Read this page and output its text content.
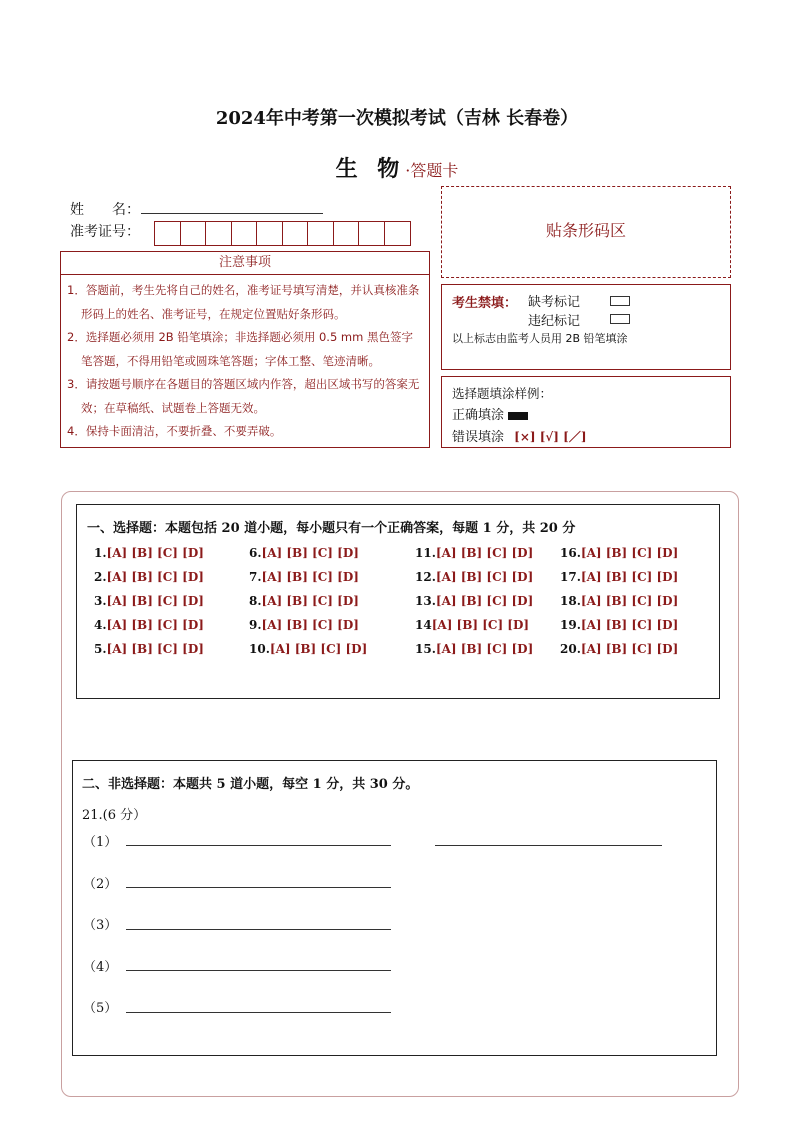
2024年中考第一次模拟考试（吉林 长春卷）
生 物·答题卡
姓　　名：
准考证号：
注意事项
1．答题前，考生先将自己的姓名，准考证号填写清楚，并认真核准条形码上的姓名、准考证号，在规定位置贴好条形码。
2．选择题必须用 2B 铅笔填涂；非选择题必须用 0.5 mm 黑色签字笔答题，不得用铅笔或圆珠笔答题；字体工整、笔迹清晰。
3．请按题号顺序在各题目的答题区域内作答，超出区域书写的答案无效；在草稿纸、试题卷上答题无效。
4．保持卡面清洁，不要折叠、不要弄破。
贴条形码区
考生禁填： 缺考标记
违纪标记
以上标志由监考人员用 2B 铅笔填涂
选择题填涂样例：
正确填涂
错误填涂 [×] [√] [／]
一、选择题：本题包括 20 道小题，每小题只有一个正确答案，每题 1 分，共 20 分
1.[A] [B] [C] [D]
2.[A] [B] [C] [D]
3.[A] [B] [C] [D]
4.[A] [B] [C] [D]
5.[A] [B] [C] [D]
6.[A] [B] [C] [D]
7.[A] [B] [C] [D]
8.[A] [B] [C] [D]
9.[A] [B] [C] [D]
10.[A] [B] [C] [D]
11.[A] [B] [C] [D]
12.[A] [B] [C] [D]
13.[A] [B] [C] [D]
14[A] [B] [C] [D]
15.[A] [B] [C] [D]
16.[A] [B] [C] [D]
17.[A] [B] [C] [D]
18.[A] [B] [C] [D]
19.[A] [B] [C] [D]
20.[A] [B] [C] [D]
二、非选择题：本题共 5 道小题，每空 1 分，共 30 分。
21.(6 分）
（1）
（2）
（3）
（4）
（5）
